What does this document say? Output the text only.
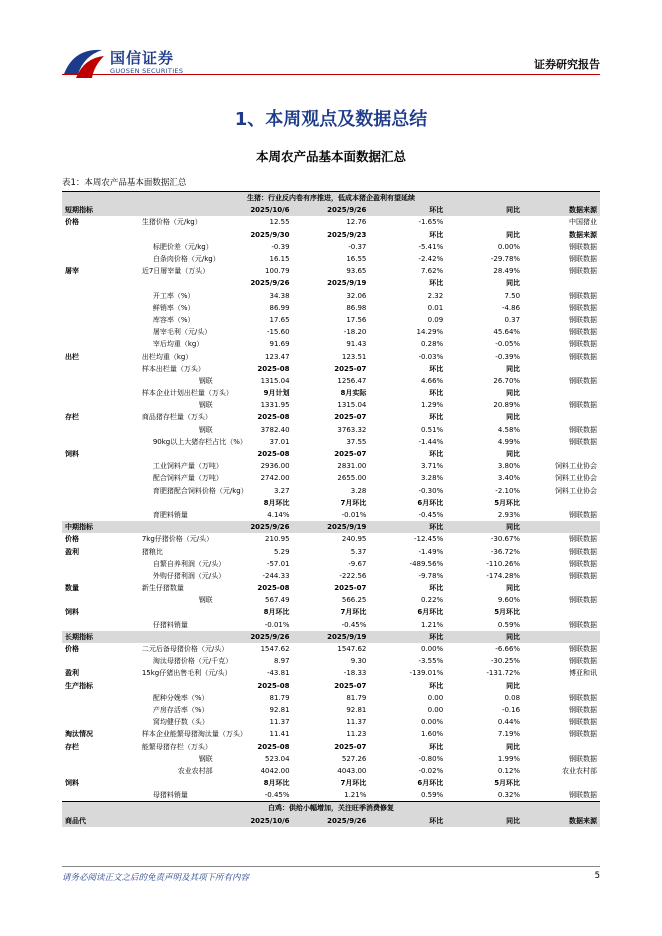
国信证券
GUOSEN SECURITIES	证券研究报告
1、本周观点及数据总结
本周农产品基本面数据汇总
表1：本周农产品基本面数据汇总
生猪：行业反内卷有序推进，低成本猪企盈利有望延续						
短期指标		2025/10/6	2025/9/26	环比	同比	数据来源
价格	生猪价格（元/kg）	12.55	12.76	-1.65%		中国猪业
		2025/9/30	2025/9/23	环比	同比	数据来源
	标肥价差（元/kg）	-0.39	-0.37	-5.41%	0.00%	钢联数据
	白条肉价格（元/kg）	16.15	16.55	-2.42%	-29.78%	钢联数据
屠宰	近7日屠宰量（万头）	100.79	93.65	7.62%	28.49%	钢联数据
		2025/9/26	2025/9/19	环比	同比	
	开工率（%）	34.38	32.06	2.32	7.50	钢联数据
	鲜销率（%）	86.99	86.98	0.01	-4.86	钢联数据
	库容率（%）	17.65	17.56	0.09	0.37	钢联数据
	屠宰毛利（元/头）	-15.60	-18.20	14.29%	45.64%	钢联数据
	宰后均重（kg）	91.69	91.43	0.28%	-0.05%	钢联数据
出栏	出栏均重（kg）	123.47	123.51	-0.03%	-0.39%	钢联数据
	样本出栏量（万头）	2025-08	2025-07	环比	同比	
	钢联	1315.04	1256.47	4.66%	26.70%	钢联数据
	样本企业计划出栏量（万头）	9月计划	8月实际	环比	同比	
	钢联	1331.95	1315.04	1.29%	20.89%	钢联数据
存栏	商品猪存栏量（万头）	2025-08	2025-07	环比	同比	
	钢联	3782.40	3763.32	0.51%	4.58%	钢联数据
	90kg以上大猪存栏占比（%）	37.01	37.55	-1.44%	4.99%	钢联数据
饲料		2025-08	2025-07	环比	同比	
	工业饲料产量（万吨）	2936.00	2831.00	3.71%	3.80%	饲料工业协会
	配合饲料产量（万吨）	2742.00	2655.00	3.28%	3.40%	饲料工业协会
	育肥猪配合饲料价格（元/kg）	3.27	3.28	-0.30%	-2.10%	饲料工业协会
		8月环比	7月环比	6月环比	5月环比	
	育肥料销量	4.14%	-0.01%	-0.45%	2.93%	钢联数据
中期指标		2025/9/26	2025/9/19	环比	同比	
价格	7kg仔猪价格（元/头）	210.95	240.95	-12.45%	-30.67%	钢联数据
盈利	猪粮比	5.29	5.37	-1.49%	-36.72%	钢联数据
	自繁自养利润（元/头）	-57.01	-9.67	-489.56%	-110.26%	钢联数据
	外购仔猪利润（元/头）	-244.33	-222.56	-9.78%	-174.28%	钢联数据
数量	新生仔猪数量	2025-08	2025-07	环比	同比	
	钢联	567.49	566.25	0.22%	9.60%	钢联数据
饲料		8月环比	7月环比	6月环比	5月环比	
	仔猪料销量	-0.01%	-0.45%	1.21%	0.59%	钢联数据
长期指标		2025/9/26	2025/9/19	环比	同比	
价格	二元后备母猪价格（元/头）	1547.62	1547.62	0.00%	-6.66%	钢联数据
	淘汰母猪价格（元/千克）	8.97	9.30	-3.55%	-30.25%	钢联数据
盈利	15kg仔猪出售毛利（元/头）	-43.81	-18.33	-139.01%	-131.72%	博亚和讯
生产指标		2025-08	2025-07	环比	同比	
	配种分娩率（%）	81.79	81.79	0.00	0.08	钢联数据
	产房存活率（%）	92.81	92.81	0.00	-0.16	钢联数据
	窝均健仔数（头）	11.37	11.37	0.00%	0.44%	钢联数据
淘汰情况	样本企业能繁母猪淘汰量（万头）	11.41	11.23	1.60%	7.19%	钢联数据
存栏	能繁母猪存栏（万头）	2025-08	2025-07	环比	同比	
	钢联	523.04	527.26	-0.80%	1.99%	钢联数据
	农业农村部	4042.00	4043.00	-0.02%	0.12%	农业农村部
饲料		8月环比	7月环比	6月环比	5月环比	
	母猪料销量	-0.45%	1.21%	0.59%	0.32%	钢联数据
白鸡：供给小幅增加，关注旺季消费修复						
商品代		2025/10/6	2025/9/26	环比	同比	数据来源
请务必阅读正文之后的免责声明及其项下所有内容	5
